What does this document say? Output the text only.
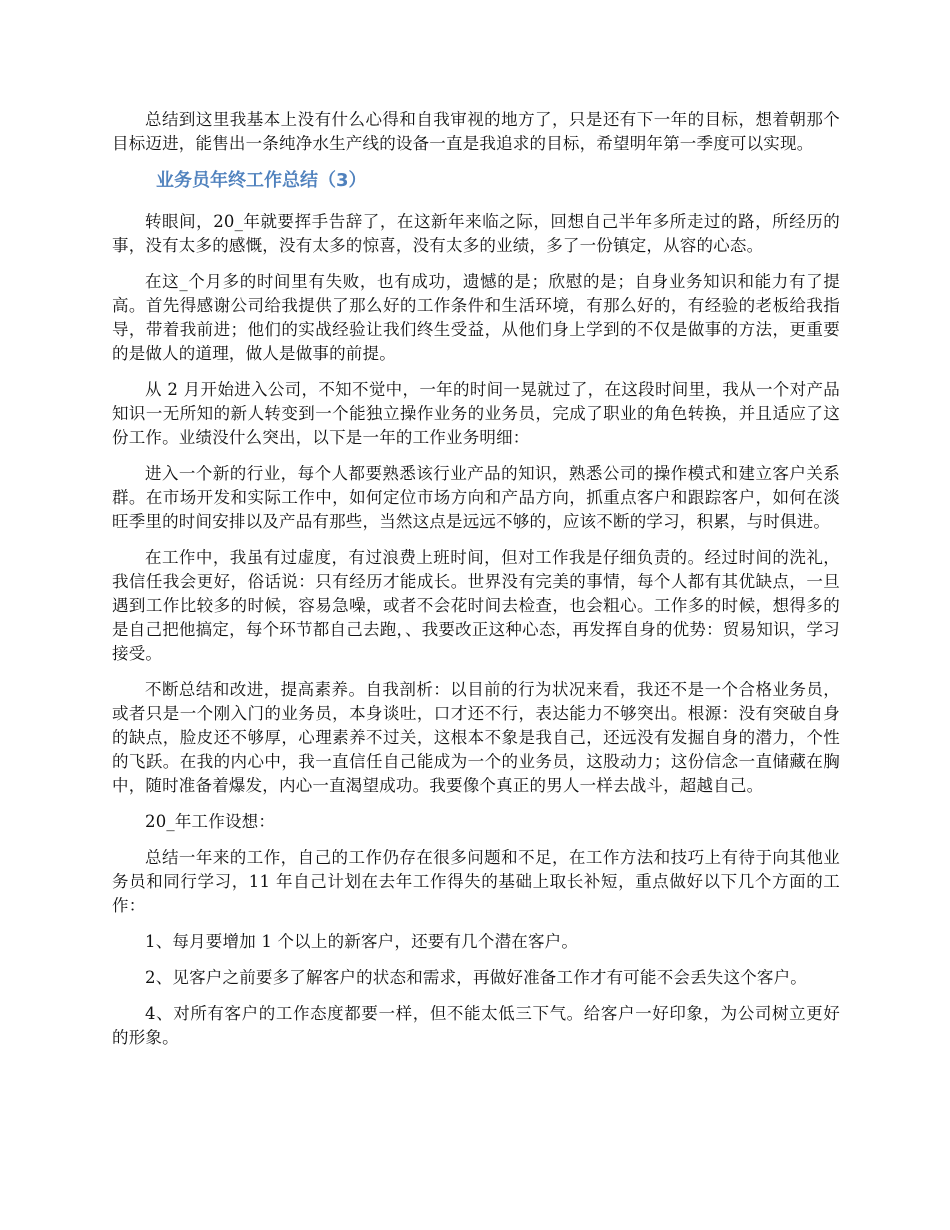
总结到这里我基本上没有什么心得和自我审视的地方了，只是还有下一年的目标，想着朝那个目标迈进，能售出一条纯净水生产线的设备一直是我追求的目标，希望明年第一季度可以实现。

业务员年终工作总结（3）

转眼间，20_年就要挥手告辞了，在这新年来临之际，回想自己半年多所走过的路，所经历的事，没有太多的感慨，没有太多的惊喜，没有太多的业绩，多了一份镇定，从容的心态。

在这_个月多的时间里有失败，也有成功，遗憾的是；欣慰的是；自身业务知识和能力有了提高。首先得感谢公司给我提供了那么好的工作条件和生活环境，有那么好的，有经验的老板给我指导，带着我前进；他们的实战经验让我们终生受益，从他们身上学到的不仅是做事的方法，更重要的是做人的道理，做人是做事的前提。

从 2 月开始进入公司，不知不觉中，一年的时间一晃就过了，在这段时间里，我从一个对产品知识一无所知的新人转变到一个能独立操作业务的业务员，完成了职业的角色转换，并且适应了这份工作。业绩没什么突出，以下是一年的工作业务明细：

进入一个新的行业，每个人都要熟悉该行业产品的知识，熟悉公司的操作模式和建立客户关系群。在市场开发和实际工作中，如何定位市场方向和产品方向，抓重点客户和跟踪客户，如何在淡旺季里的时间安排以及产品有那些，当然这点是远远不够的，应该不断的学习，积累，与时俱进。

在工作中，我虽有过虚度，有过浪费上班时间，但对工作我是仔细负责的。经过时间的洗礼，我信任我会更好，俗话说：只有经历才能成长。世界没有完美的事情，每个人都有其优缺点，一旦遇到工作比较多的时候，容易急噪，或者不会花时间去检查，也会粗心。工作多的时候，想得多的是自己把他搞定，每个环节都自己去跑，、我要改正这种心态，再发挥自身的优势：贸易知识，学习接受。

不断总结和改进，提高素养。自我剖析：以目前的行为状况来看，我还不是一个合格业务员，或者只是一个刚入门的业务员，本身谈吐，口才还不行，表达能力不够突出。根源：没有突破自身的缺点，脸皮还不够厚，心理素养不过关，这根本不象是我自己，还远没有发掘自身的潜力，个性的飞跃。在我的内心中，我一直信任自己能成为一个的业务员，这股动力；这份信念一直储藏在胸中，随时准备着爆发，内心一直渴望成功。我要像个真正的男人一样去战斗，超越自己。

20_年工作设想：

总结一年来的工作，自己的工作仍存在很多问题和不足，在工作方法和技巧上有待于向其他业务员和同行学习，11 年自己计划在去年工作得失的基础上取长补短，重点做好以下几个方面的工作：

1、每月要增加 1 个以上的新客户，还要有几个潜在客户。

2、见客户之前要多了解客户的状态和需求，再做好准备工作才有可能不会丢失这个客户。

4、对所有客户的工作态度都要一样，但不能太低三下气。给客户一好印象，为公司树立更好的形象。
